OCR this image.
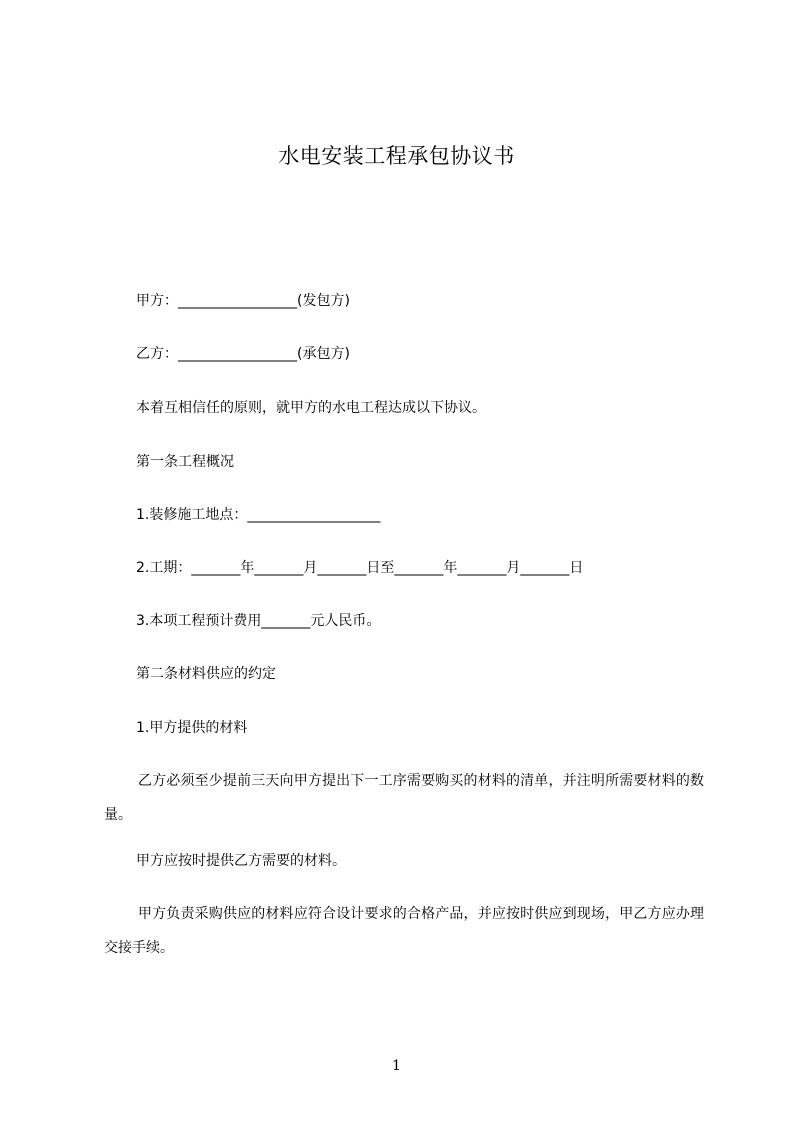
水电安装工程承包协议书
甲方：_________________(发包方)
乙方：_________________(承包方)
本着互相信任的原则，就甲方的水电工程达成以下协议。
第一条工程概况
1.装修施工地点：___________________
2.工期：_______年_______月_______日至_______年_______月_______日
3.本项工程预计费用_______元人民币。
第二条材料供应的约定
1.甲方提供的材料
乙方必须至少提前三天向甲方提出下一工序需要购买的材料的清单，并注明所需要材料的数量。
甲方应按时提供乙方需要的材料。
甲方负责采购供应的材料应符合设计要求的合格产品，并应按时供应到现场，甲乙方应办理交接手续。
1
